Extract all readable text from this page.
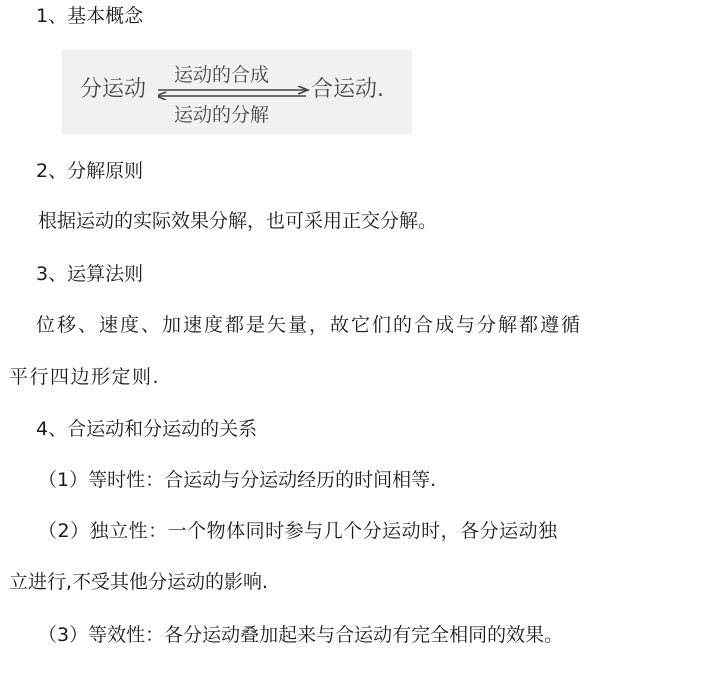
1、基本概念
分运动
运动的合成
运动的分解
合运动.
2、分解原则
根据运动的实际效果分解，也可采用正交分解。
3、运算法则
位移、速度、加速度都是矢量，故它们的合成与分解都遵循
平行四边形定则.
4、合运动和分运动的关系
（1）等时性：合运动与分运动经历的时间相等.
（2）独立性：一个物体同时参与几个分运动时，各分运动独
立进行,不受其他分运动的影响.
（3）等效性：各分运动叠加起来与合运动有完全相同的效果。
